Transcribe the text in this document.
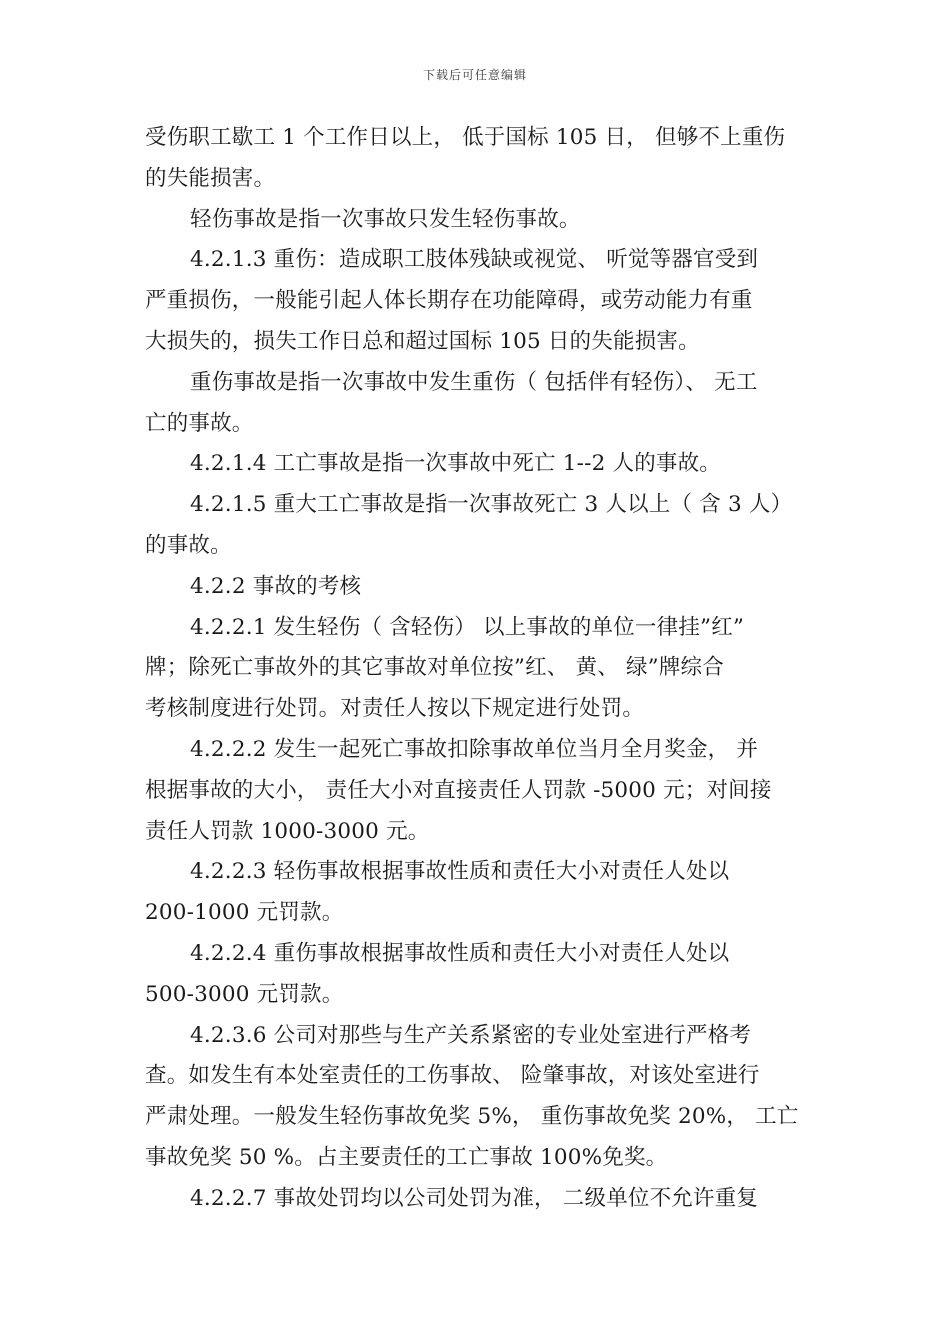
下载后可任意编辑
受伤职工歇工 1 个工作日以上， 低于国标 105 日， 但够不上重伤
的失能损害。
轻伤事故是指一次事故只发生轻伤事故。
4.2.1.3 重伤：造成职工肢体残缺或视觉、 听觉等器官受到
严重损伤，一般能引起人体长期存在功能障碍，或劳动能力有重
大损失的，损失工作日总和超过国标 105 日的失能损害。
重伤事故是指一次事故中发生重伤（ 包括伴有轻伤）、 无工
亡的事故。
4.2.1.4 工亡事故是指一次事故中死亡 1--2 人的事故。
4.2.1.5 重大工亡事故是指一次事故死亡 3 人以上（ 含 3 人）
的事故。
4.2.2 事故的考核
4.2.2.1 发生轻伤（ 含轻伤） 以上事故的单位一律挂”红”
牌；除死亡事故外的其它事故对单位按”红、 黄、 绿”牌综合
考核制度进行处罚。对责任人按以下规定进行处罚。
4.2.2.2 发生一起死亡事故扣除事故单位当月全月奖金， 并
根据事故的大小， 责任大小对直接责任人罚款 -5000 元；对间接
责任人罚款 1000-3000 元。
4.2.2.3 轻伤事故根据事故性质和责任大小对责任人处以
200-1000 元罚款。
4.2.2.4 重伤事故根据事故性质和责任大小对责任人处以
500-3000 元罚款。
4.2.3.6 公司对那些与生产关系紧密的专业处室进行严格考
查。如发生有本处室责任的工伤事故、 险肇事故，对该处室进行
严肃处理。一般发生轻伤事故免奖 5%， 重伤事故免奖 20%， 工亡
事故免奖 50 %。占主要责任的工亡事故 100%免奖。
4.2.2.7 事故处罚均以公司处罚为准， 二级单位不允许重复
